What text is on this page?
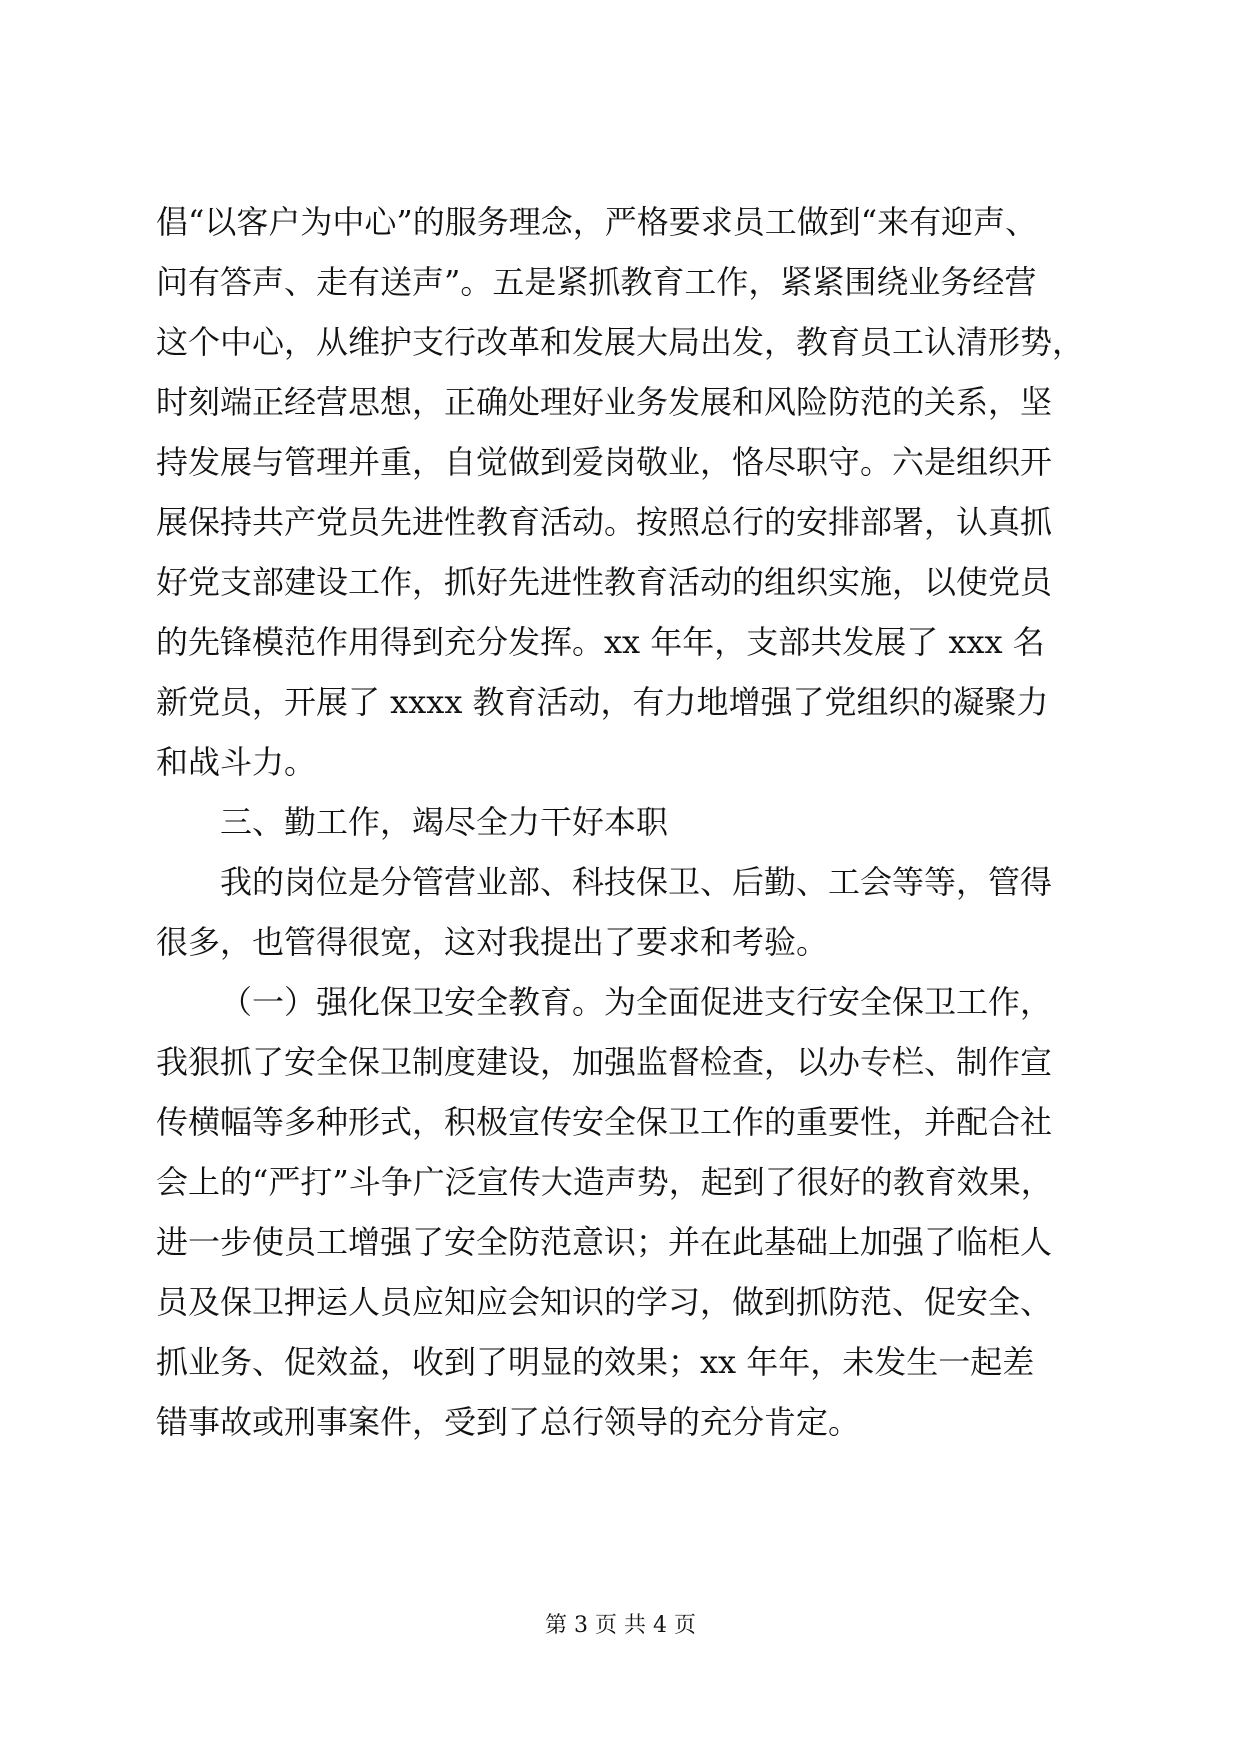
倡“以客户为中心”的服务理念，严格要求员工做到“来有迎声、
问有答声、走有送声”。五是紧抓教育工作，紧紧围绕业务经营
这个中心，从维护支行改革和发展大局出发，教育员工认清形势，
时刻端正经营思想，正确处理好业务发展和风险防范的关系，坚
持发展与管理并重，自觉做到爱岗敬业，恪尽职守。六是组织开
展保持共产党员先进性教育活动。按照总行的安排部署，认真抓
好党支部建设工作，抓好先进性教育活动的组织实施，以使党员
的先锋模范作用得到充分发挥。xx 年年，支部共发展了 xxx 名
新党员，开展了 xxxx 教育活动，有力地增强了党组织的凝聚力
和战斗力。
三、勤工作，竭尽全力干好本职
我的岗位是分管营业部、科技保卫、后勤、工会等等，管得
很多，也管得很宽，这对我提出了要求和考验。
（一）强化保卫安全教育。为全面促进支行安全保卫工作，
我狠抓了安全保卫制度建设，加强监督检查，以办专栏、制作宣
传横幅等多种形式，积极宣传安全保卫工作的重要性，并配合社
会上的“严打”斗争广泛宣传大造声势，起到了很好的教育效果，
进一步使员工增强了安全防范意识；并在此基础上加强了临柜人
员及保卫押运人员应知应会知识的学习，做到抓防范、促安全、
抓业务、促效益，收到了明显的效果；xx 年年，未发生一起差
错事故或刑事案件，受到了总行领导的充分肯定。
第 3 页 共 4 页
